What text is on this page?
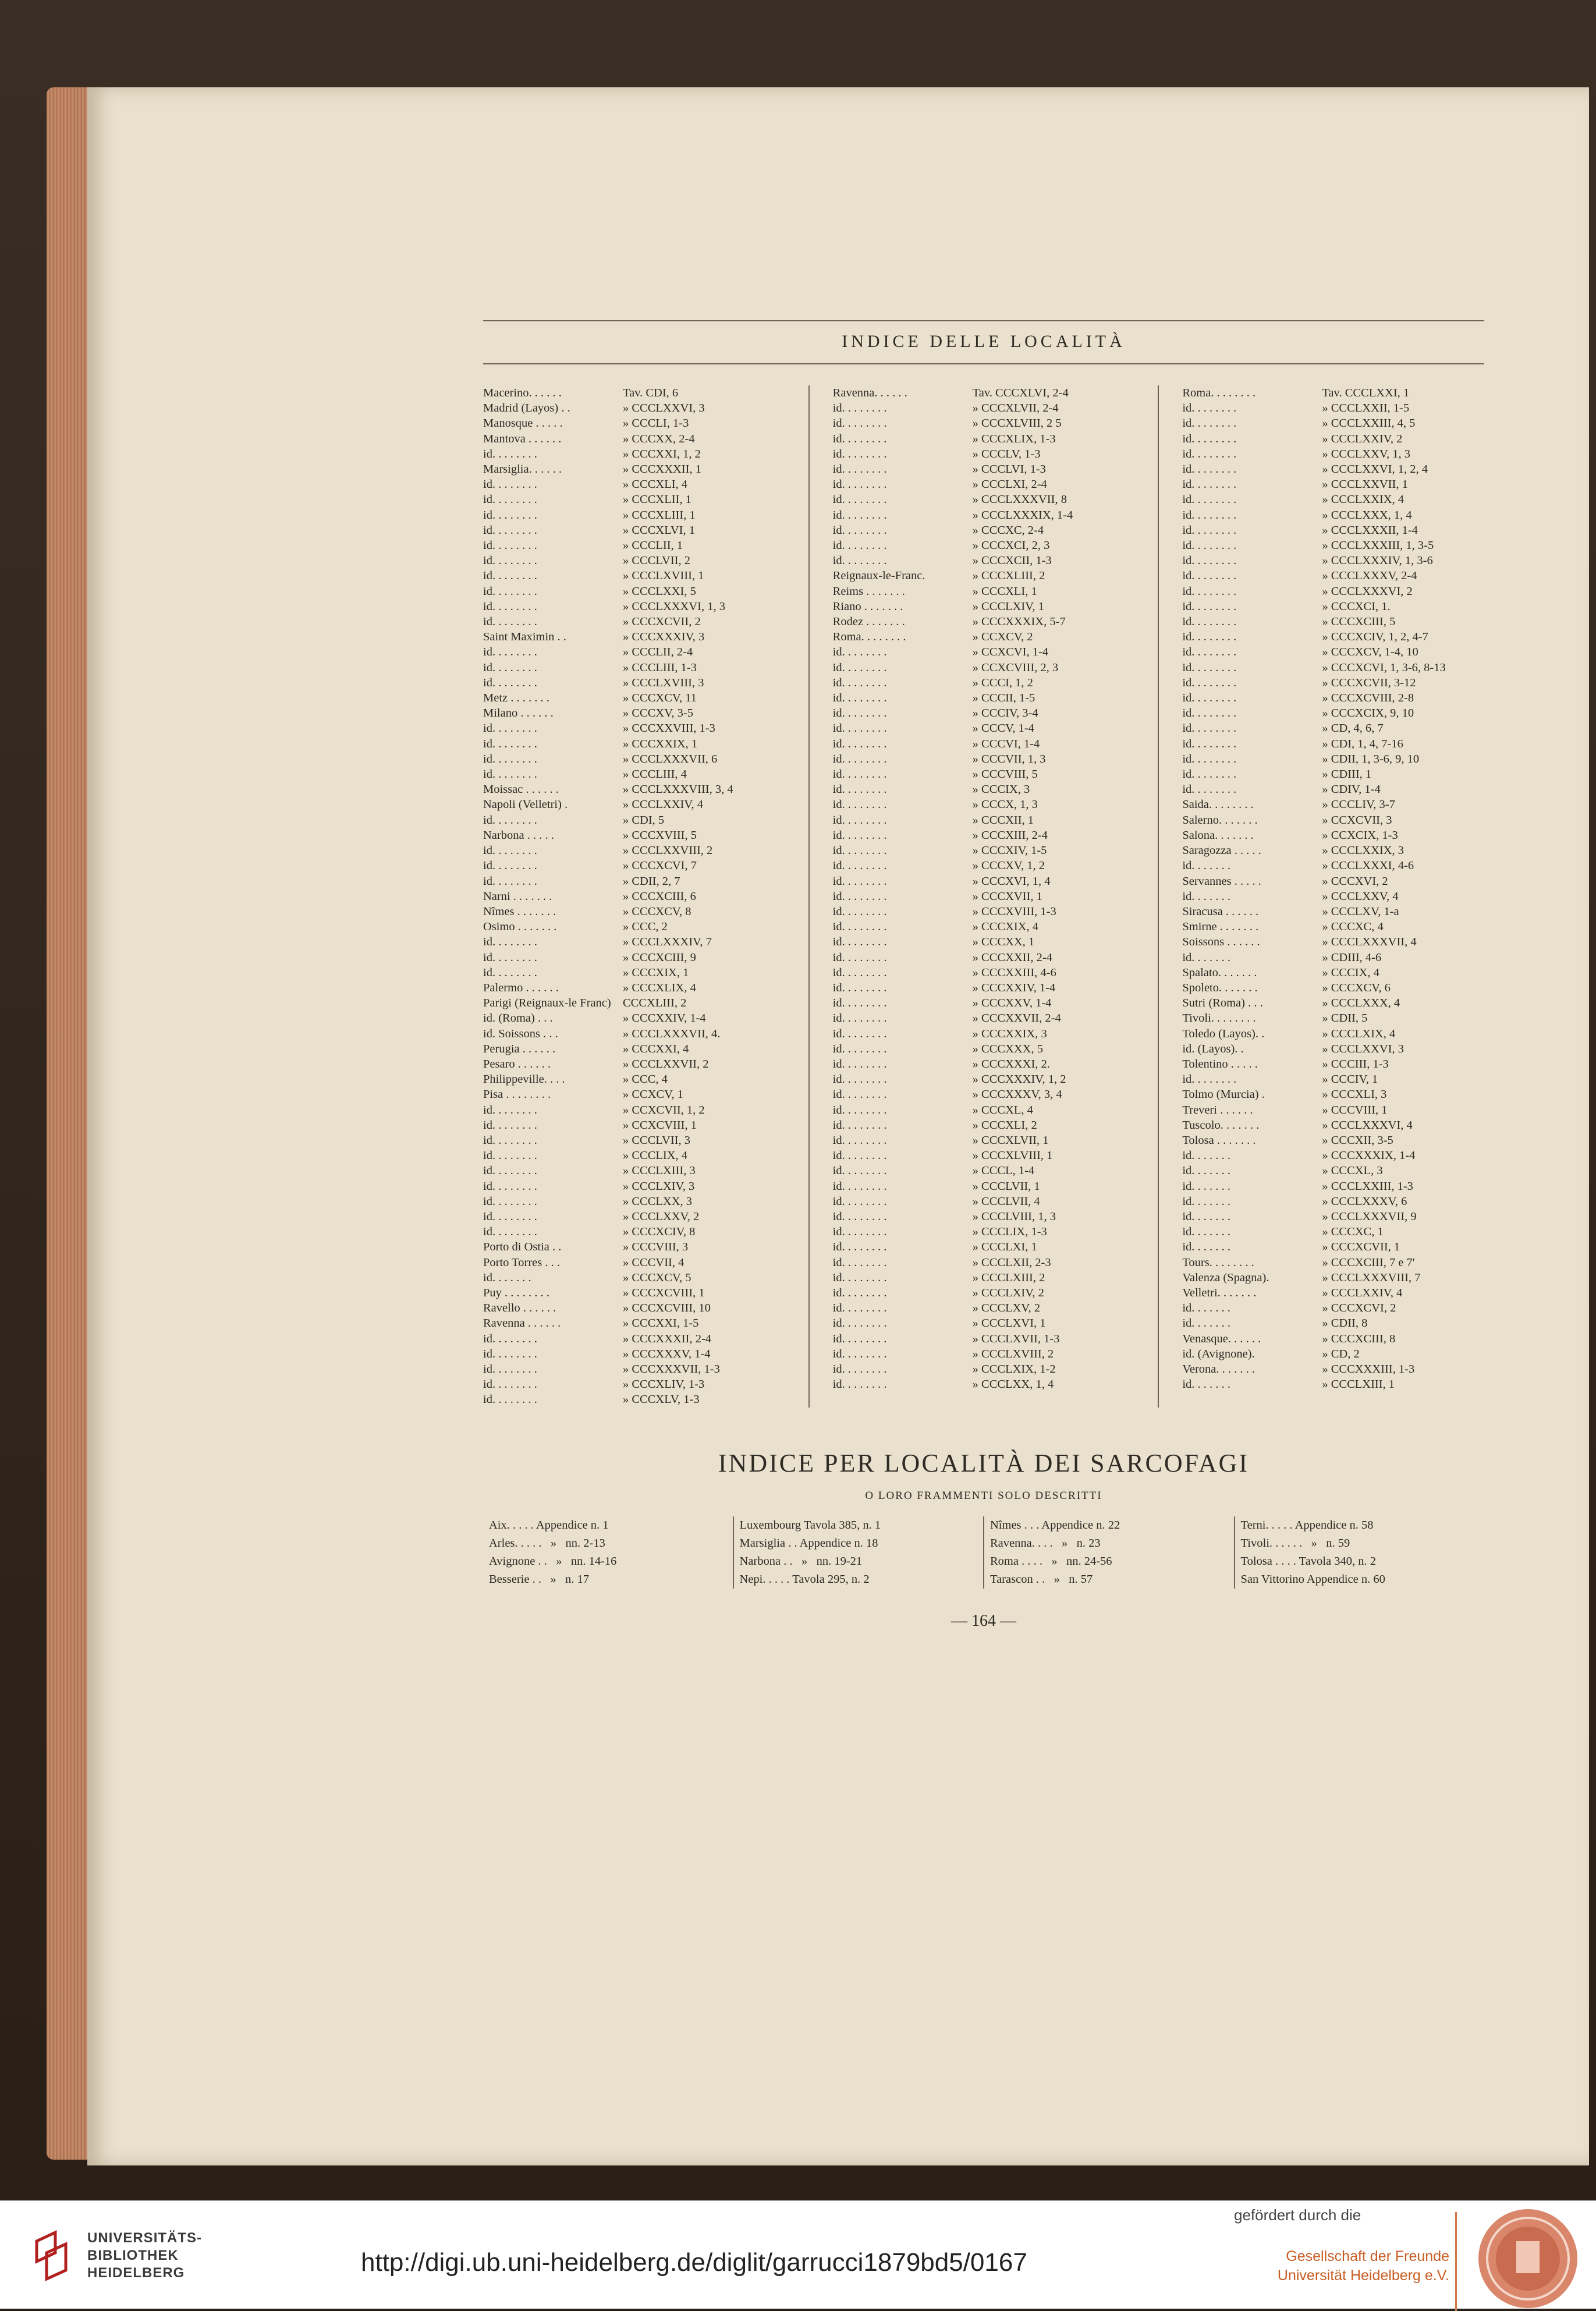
INDICE DELLE LOCALITÀ
Macerino. . . . . .	Tav. CDI, 6
Madrid (Layos) . .	» CCCLXXVI, 3
Manosque . . . . .	» CCCLI, 1-3
Mantova . . . . . .	» CCCXX, 2-4
id. . . . . . . .	» CCCXXI, 1, 2
Marsiglia. . . . . .	» CCCXXXII, 1
id. . . . . . . .	» CCCXLI, 4
id. . . . . . . .	» CCCXLII, 1
id. . . . . . . .	» CCCXLIII, 1
id. . . . . . . .	» CCCXLVI, 1
id. . . . . . . .	» CCCLII, 1
id. . . . . . . .	» CCCLVII, 2
id. . . . . . . .	» CCCLXVIII, 1
id. . . . . . . .	» CCCLXXI, 5
id. . . . . . . .	» CCCLXXXVI, 1, 3
id. . . . . . . .	» CCCXCVII, 2
Saint Maximin . .	» CCCXXXIV, 3
id. . . . . . . .	» CCCLII, 2-4
id. . . . . . . .	» CCCLIII, 1-3
id. . . . . . . .	» CCCLXVIII, 3
Metz . . . . . . .	» CCCXCV, 11
Milano . . . . . .	» CCCXV, 3-5
id. . . . . . . .	» CCCXXVIII, 1-3
id. . . . . . . .	» CCCXXIX, 1
id. . . . . . . .	» CCCLXXXVII, 6
id. . . . . . . .	» CCCLIII, 4
Moissac . . . . . .	» CCCLXXXVIII, 3, 4
Napoli (Velletri) .	» CCCLXXIV, 4
id. . . . . . . .	» CDI, 5
Narbona . . . . .	» CCCXVIII, 5
id. . . . . . . .	» CCCLXXVIII, 2
id. . . . . . . .	» CCCXCVI, 7
id. . . . . . . .	» CDII, 2, 7
Narni . . . . . . .	» CCCXCIII, 6
Nîmes . . . . . . .	» CCCXCV, 8
Osimo . . . . . . .	» CCC, 2
id. . . . . . . .	» CCCLXXXIV, 7
id. . . . . . . .	» CCCXCIII, 9
id. . . . . . . .	» CCCXIX, 1
Palermo . . . . . .	» CCCXLIX, 4
Parigi (Reignaux-le Franc) CCCXLIII, 2
id. (Roma) . . .	» CCCXXIV, 1-4
id. Soissons . . .	» CCCLXXXVII, 4.
Perugia . . . . . .	» CCCXXI, 4
Pesaro . . . . . .	» CCCLXXVII, 2
Philippeville. . . .	» CCC, 4
Pisa . . . . . . . .	» CCXCV, 1
id. . . . . . . .	» CCXCVII, 1, 2
id. . . . . . . .	» CCXCVIII, 1
id. . . . . . . .	» CCCLVII, 3
id. . . . . . . .	» CCCLIX, 4
id. . . . . . . .	» CCCLXIII, 3
id. . . . . . . .	» CCCLXIV, 3
id. . . . . . . .	» CCCLXX, 3
id. . . . . . . .	» CCCLXXV, 2
id. . . . . . . .	» CCCXCIV, 8
Porto di Ostia . .	» CCCVIII, 3
Porto Torres . . .	» CCCVII, 4
id. . . . . . .	» CCCXCV, 5
Puy . . . . . . . .	» CCCXCVIII, 1
Ravello . . . . . .	» CCCXCVIII, 10
Ravenna . . . . . .	» CCCXXI, 1-5
id. . . . . . . .	» CCCXXXII, 2-4
id. . . . . . . .	» CCCXXXV, 1-4
id. . . . . . . .	» CCCXXXVII, 1-3
id. . . . . . . .	» CCCXLIV, 1-3
id. . . . . . . .	» CCCXLV, 1-3
Ravenna. . . . . .	Tav. CCCXLVI, 2-4
id. . . . . . . .	» CCCXLVII, 2-4
id. . . . . . . .	» CCCXLVIII, 2 5
id. . . . . . . .	» CCCXLIX, 1-3
id. . . . . . . .	» CCCLV, 1-3
id. . . . . . . .	» CCCLVI, 1-3
id. . . . . . . .	» CCCLXI, 2-4
id. . . . . . . .	» CCCLXXXVII, 8
id. . . . . . . .	» CCCLXXXIX, 1-4
id. . . . . . . .	» CCCXC, 2-4
id. . . . . . . .	» CCCXCI, 2, 3
id. . . . . . . .	» CCCXCII, 1-3
Reignaux-le-Franc.	» CCCXLIII, 2
Reims . . . . . . .	» CCCXLI, 1
Riano . . . . . . .	» CCCLXIV, 1
Rodez . . . . . . .	» CCCXXXIX, 5-7
Roma. . . . . . . .	» CCXCV, 2
id. . . . . . . .	» CCXCVI, 1-4
id. . . . . . . .	» CCXCVIII, 2, 3
id. . . . . . . .	» CCCI, 1, 2
id. . . . . . . .	» CCCII, 1-5
id. . . . . . . .	» CCCIV, 3-4
id. . . . . . . .	» CCCV, 1-4
id. . . . . . . .	» CCCVI, 1-4
id. . . . . . . .	» CCCVII, 1, 3
id. . . . . . . .	» CCCVIII, 5
id. . . . . . . .	» CCCIX, 3
id. . . . . . . .	» CCCX, 1, 3
id. . . . . . . .	» CCCXII, 1
id. . . . . . . .	» CCCXIII, 2-4
id. . . . . . . .	» CCCXIV, 1-5
id. . . . . . . .	» CCCXV, 1, 2
id. . . . . . . .	» CCCXVI, 1, 4
id. . . . . . . .	» CCCXVII, 1
id. . . . . . . .	» CCCXVIII, 1-3
id. . . . . . . .	» CCCXIX, 4
id. . . . . . . .	» CCCXX, 1
id. . . . . . . .	» CCCXXII, 2-4
id. . . . . . . .	» CCCXXIII, 4-6
id. . . . . . . .	» CCCXXIV, 1-4
id. . . . . . . .	» CCCXXV, 1-4
id. . . . . . . .	» CCCXXVII, 2-4
id. . . . . . . .	» CCCXXIX, 3
id. . . . . . . .	» CCCXXX, 5
id. . . . . . . .	» CCCXXXI, 2.
id. . . . . . . .	» CCCXXXIV, 1, 2
id. . . . . . . .	» CCCXXXV, 3, 4
id. . . . . . . .	» CCCXL, 4
id. . . . . . . .	» CCCXLI, 2
id. . . . . . . .	» CCCXLVII, 1
id. . . . . . . .	» CCCXLVIII, 1
id. . . . . . . .	» CCCL, 1-4
id. . . . . . . .	» CCCLVII, 1
id. . . . . . . .	» CCCLVII, 4
id. . . . . . . .	» CCCLVIII, 1, 3
id. . . . . . . .	» CCCLIX, 1-3
id. . . . . . . .	» CCCLXI, 1
id. . . . . . . .	» CCCLXII, 2-3
id. . . . . . . .	» CCCLXIII, 2
id. . . . . . . .	» CCCLXIV, 2
id. . . . . . . .	» CCCLXV, 2
id. . . . . . . .	» CCCLXVI, 1
id. . . . . . . .	» CCCLXVII, 1-3
id. . . . . . . .	» CCCLXVIII, 2
id. . . . . . . .	» CCCLXIX, 1-2
id. . . . . . . .	» CCCLXX, 1, 4
Roma. . . . . . . .	Tav. CCCLXXI, 1
id. . . . . . . .	» CCCLXXII, 1-5
id. . . . . . . .	» CCCLXXIII, 4, 5
id. . . . . . . .	» CCCLXXIV, 2
id. . . . . . . .	» CCCLXXV, 1, 3
id. . . . . . . .	» CCCLXXVI, 1, 2, 4
id. . . . . . . .	» CCCLXXVII, 1
id. . . . . . . .	» CCCLXXIX, 4
id. . . . . . . .	» CCCLXXX, 1, 4
id. . . . . . . .	» CCCLXXXII, 1-4
id. . . . . . . .	» CCCLXXXIII, 1, 3-5
id. . . . . . . .	» CCCLXXXIV, 1, 3-6
id. . . . . . . .	» CCCLXXXV, 2-4
id. . . . . . . .	» CCCLXXXVI, 2
id. . . . . . . .	» CCCXCI, 1.
id. . . . . . . .	» CCCXCIII, 5
id. . . . . . . .	» CCCXCIV, 1, 2, 4-7
id. . . . . . . .	» CCCXCV, 1-4, 10
id. . . . . . . .	» CCCXCVI, 1, 3-6, 8-13
id. . . . . . . .	» CCCXCVII, 3-12
id. . . . . . . .	» CCCXCVIII, 2-8
id. . . . . . . .	» CCCXCIX, 9, 10
id. . . . . . . .	» CD, 4, 6, 7
id. . . . . . . .	» CDI, 1, 4, 7-16
id. . . . . . . .	» CDII, 1, 3-6, 9, 10
id. . . . . . . .	» CDIII, 1
id. . . . . . . .	» CDIV, 1-4
Saida. . . . . . . .	» CCCLIV, 3-7
Salerno. . . . . . .	» CCXCVII, 3
Salona. . . . . . .	» CCXCIX, 1-3
Saragozza . . . . .	» CCCLXXIX, 3
id. . . . . . .	» CCCLXXXI, 4-6
Servannes . . . . .	» CCCXVI, 2
id. . . . . . .	» CCCLXXV, 4
Siracusa . . . . . .	» CCCLXV, 1-a
Smirne . . . . . . .	» CCCXC, 4
Soissons . . . . . .	» CCCLXXXVII, 4
id. . . . . . .	» CDIII, 4-6
Spalato. . . . . . .	» CCCIX, 4
Spoleto. . . . . . .	» CCCXCV, 6
Sutri (Roma) . . .	» CCCLXXX, 4
Tivoli. . . . . . . .	» CDII, 5
Toledo (Layos). .	» CCCLXIX, 4
id. (Layos). .	» CCCLXXVI, 3
Tolentino . . . . .	» CCCIII, 1-3
id. . . . . . . .	» CCCIV, 1
Tolmo (Murcia) .	» CCCXLI, 3
Treveri . . . . . .	» CCCVIII, 1
Tuscolo. . . . . . .	» CCCLXXXVI, 4
Tolosa . . . . . . .	» CCCXII, 3-5
id. . . . . . .	» CCCXXXIX, 1-4
id. . . . . . .	» CCCXL, 3
id. . . . . . .	» CCCLXXIII, 1-3
id. . . . . . .	» CCCLXXXV, 6
id. . . . . . .	» CCCLXXXVII, 9
id. . . . . . .	» CCCXC, 1
id. . . . . . .	» CCCXCVII, 1
Tours. . . . . . . .	» CCCXCIII, 7 e 7'
Valenza (Spagna).	» CCCLXXXVIII, 7
Velletri. . . . . . .	» CCCLXXIV, 4
id. . . . . . .	» CCCXCVI, 2
id. . . . . . .	» CDII, 8
Venasque. . . . . .	» CCCXCIII, 8
id. (Avignone).	» CD, 2
Verona. . . . . . .	» CCCXXXIII, 1-3
id. . . . . . .	» CCCLXIII, 1
INDICE PER LOCALITÀ DEI SARCOFAGI
O LORO FRAMMENTI SOLO DESCRITTI
Aix. . . . . Appendice n. 1
Arles. . . . .   »   nn. 2-13
Avignone . .   »   nn. 14-16
Besserie . .   »   n. 17
Luxembourg Tavola 385, n. 1
Marsiglia . . Appendice n. 18
Narbona . .   »   nn. 19-21
Nepi. . . . . Tavola 295, n. 2
Nîmes . . . Appendice n. 22
Ravenna. . . .   »   n. 23
Roma . . . .   »   nn. 24-56
Tarascon . .   »   n. 57
Terni. . . . . Appendice n. 58
Tivoli. . . . . .   »   n. 59
Tolosa . . . . Tavola 340, n. 2
San Vittorino Appendice n. 60
— 164 —
UNIVERSITÄTS-
BIBLIOTHEK
HEIDELBERG	http://digi.ub.uni-heidelberg.de/diglit/garrucci1879bd5/0167
gefördert durch die
Gesellschaft der Freunde
Universität Heidelberg e.V.
